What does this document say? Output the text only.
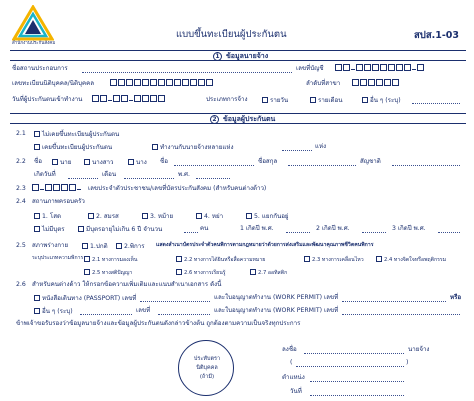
สำนักงานประกันสังคม
แบบขึ้นทะเบียนผู้ประกันตน	สปส.1-03
1 ข้อมูลนายจ้าง
ชื่อสถานประกอบการ	เลขที่บัญชี
เลขทะเบียนนิติบุคคล/นิติบุคคล	ลำดับที่สาขา
วันที่ผู้ประกันตนเข้าทำงาน	ประเภทการจ้าง	รายวัน	รายเดือน	อื่น ๆ (ระบุ)
2 ข้อมูลผู้ประกันตน
2.1	ไม่เคยขึ้นทะเบียนผู้ประกันตน
เคยขึ้นทะเบียนผู้ประกันตน	ทำงานกับนายจ้างหลายแห่ง	แห่ง
2.2 ชื่อ	นาย	นางสาว	นาง ชื่อ	ชื่อสกุล	สัญชาติ
เกิดวันที่	เดือน	พ.ศ.
2.3	เลขประจำตัวประชาชน/เลขที่บัตรประกันสังคม (สำหรับคนต่างด้าว)
2.4 สถานภาพครอบครัว
1. โสด	2. สมรส	3. หม้าย	4. หย่า	5. แยกกันอยู่
ไม่มีบุตร	มีบุตรอายุไม่เกิน 6 ปี จำนวน	คน	1 เกิดปี พ.ศ.	2 เกิดปี พ.ศ.	3 เกิดปี พ.ศ.
2.5 สภาพร่างกาย	1.ปกติ	2.พิการ แสดงสำเนาบัตรประจำตัวคนพิการตามกฎหมายว่าด้วยการส่งเสริมและพัฒนาคุณภาพชีวิตคนพิการ
ระบุประเภทความพิการ	2.1 ทางการมองเห็น	2.2 ทางการได้ยินหรือสื่อความหมาย	2.3 ทางการเคลื่อนไหว	2.4 ทางจิตใจหรือพฤติกรรม
2.5 ทางสติปัญญา	2.6 ทางการเรียนรู้	2.7 ออทิสติก
2.6 สำหรับคนต่างด้าว ให้กรอกข้อความเพิ่มเติมและแนบสำเนาเอกสาร ดังนี้
หนังสือเดินทาง (PASSPORT) เลขที่	และใบอนุญาตทำงาน (WORK PERMIT) เลขที่	หรือ
อื่น ๆ (ระบุ)	เลขที่	และใบอนุญาตทำงาน (WORK PERMIT) เลขที่
ข้าพเจ้าขอรับรองว่าข้อมูลนายจ้างและข้อมูลผู้ประกันตนดังกล่าวข้างต้น ถูกต้องตามความเป็นจริงทุกประการ
ประทับตรา
นิติบุคคล
(ถ้ามี)
ลงชื่อ	นายจ้าง
(	)
ตำแหน่ง
วันที่
